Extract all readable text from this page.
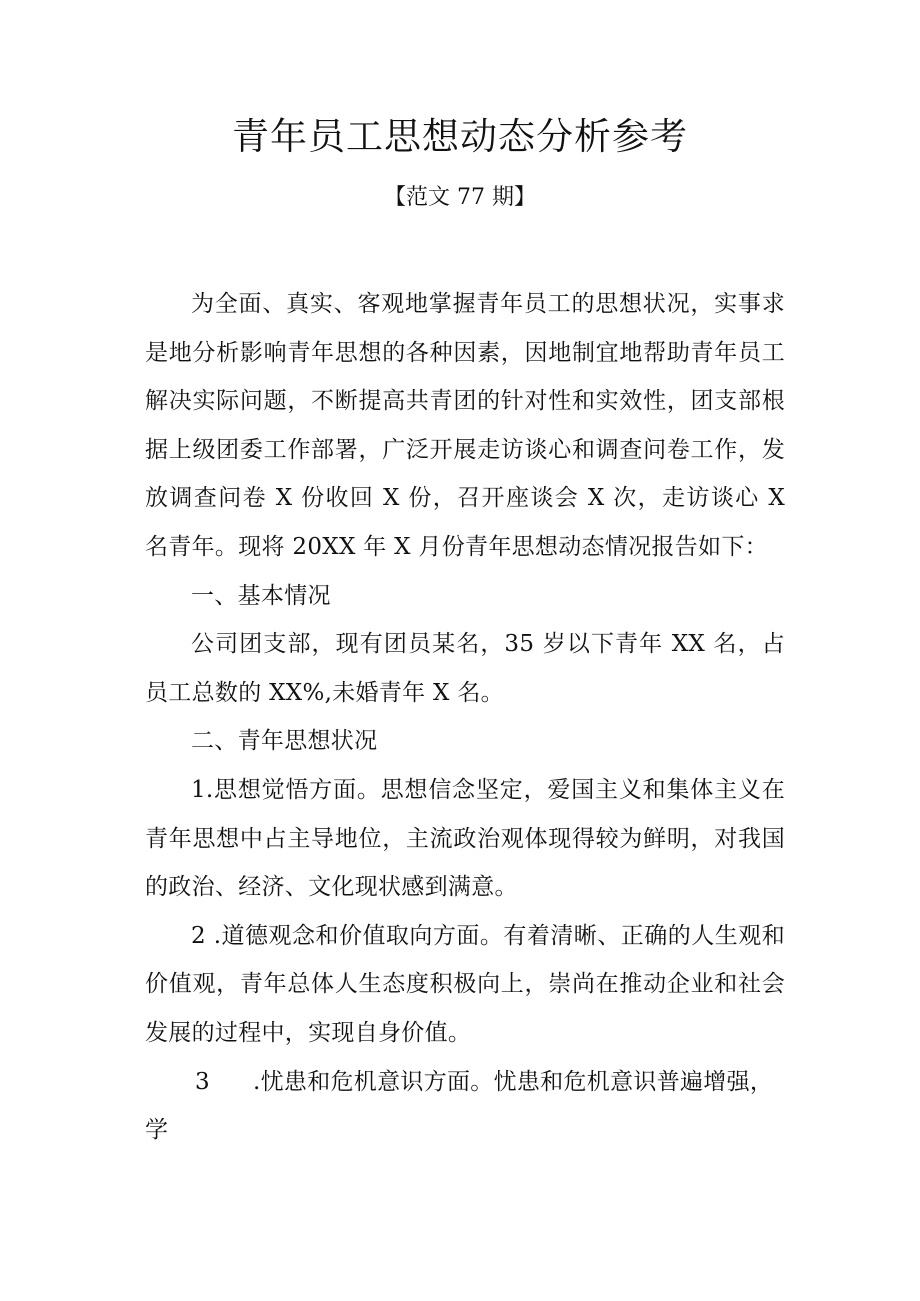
青年员工思想动态分析参考

【范文 77 期】

为全面、真实、客观地掌握青年员工的思想状况，实事求是地分析影响青年思想的各种因素，因地制宜地帮助青年员工解决实际问题，不断提高共青团的针对性和实效性，团支部根据上级团委工作部署，广泛开展走访谈心和调查问卷工作，发放调查问卷 X 份收回 X 份，召开座谈会 X 次，走访谈心 X 名青年。现将 20XX 年 X 月份青年思想动态情况报告如下：

一、基本情况

公司团支部，现有团员某名，35 岁以下青年 XX 名，占员工总数的 XX%,未婚青年 X 名。

二、青年思想状况

1.思想觉悟方面。思想信念坚定，爱国主义和集体主义在青年思想中占主导地位，主流政治观体现得较为鲜明，对我国的政治、经济、文化现状感到满意。

2 .道德观念和价值取向方面。有着清晰、正确的人生观和价值观，青年总体人生态度积极向上，崇尚在推动企业和社会发展的过程中，实现自身价值。

3 .忧患和危机意识方面。忧患和危机意识普遍增强，

学
